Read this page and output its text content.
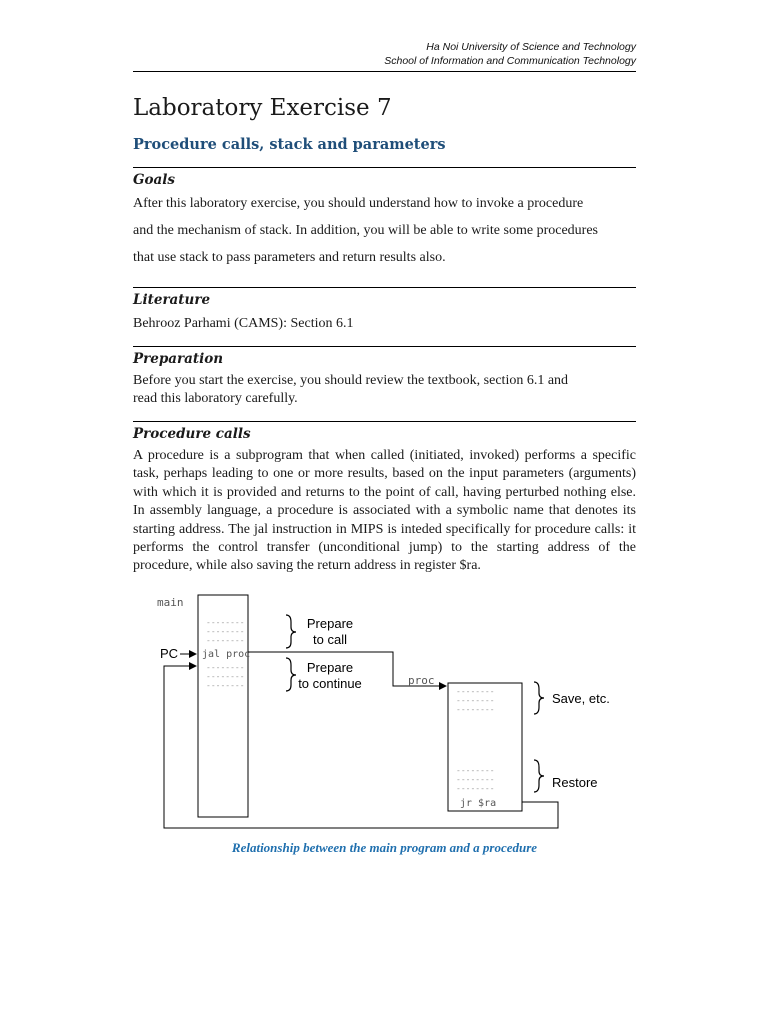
Ha Noi University of Science and Technology
School of Information and Communication Technology
Laboratory Exercise 7
Procedure calls, stack and parameters
Goals

After this laboratory exercise, you should understand how to invoke a procedure
and the mechanism of stack. In addition, you will be able to write some procedures
that use stack to pass parameters and return results also.

Literature

Behrooz Parhami (CAMS): Section 6.1

Preparation

Before you start the exercise, you should review the textbook, section 6.1 and
read this laboratory carefully.

Procedure calls

A procedure is a subprogram that when called (initiated, invoked) performs a specific task, perhaps leading to one or more results, based on the input parameters (arguments) with which it is provided and returns to the point of call, having perturbed nothing else. In assembly language, a procedure is associated with a symbolic name that denotes its starting address. The jal instruction in MIPS is inteded specifically for procedure calls: it performs the control transfer (unconditional jump) to the starting address of the procedure, while also saving the return address in register $ra.

main
--------
--------
--------
jal proc
--------
--------
--------
PC
Prepare
to call
Prepare
to continue	proc
--------
--------
--------
--------
--------
--------
jr $ra
Save, etc.
Restore
Relationship between the main program and a procedure
